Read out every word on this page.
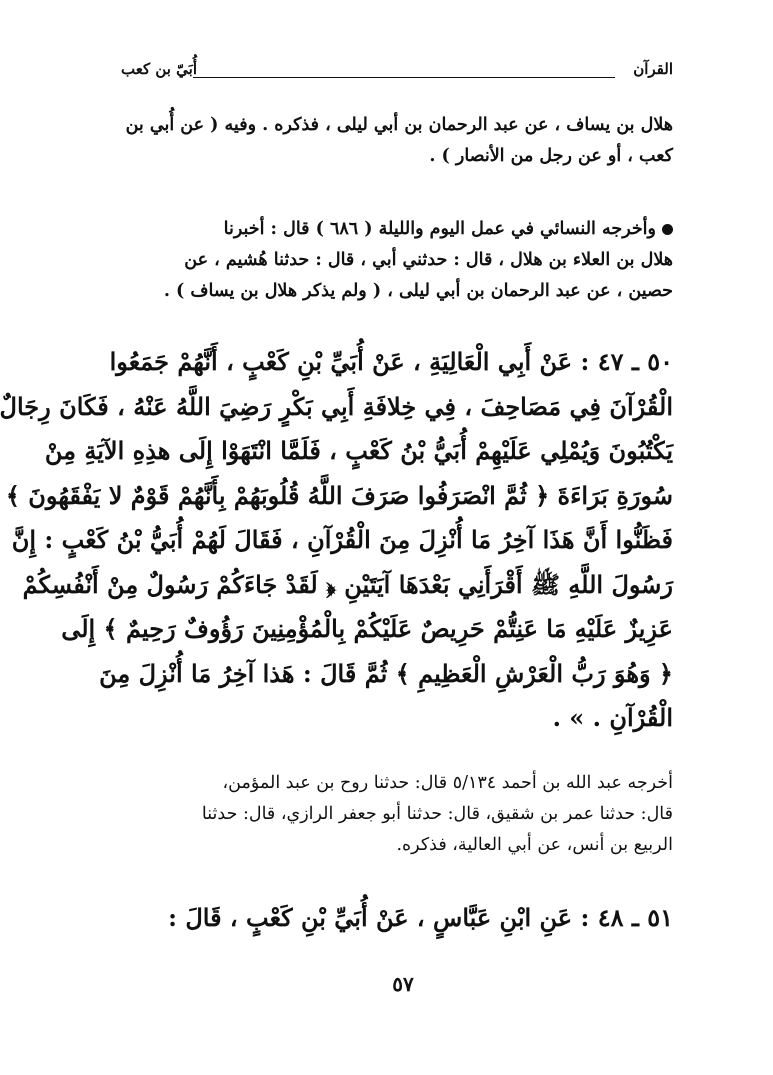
القرآن
أُبَيّ بن كعب
هلال بن يساف ، عن عبد الرحمان بن أبي ليلى ، فذكره . وفيه ( عن أُبي بن
كعب ، أو عن رجل من الأنصار ) .
وأخرجه النسائي في عمل اليوم والليلة ( ٦٨٦ ) قال : أخبرنا
هلال بن العلاء بن هلال ، قال : حدثني أبي ، قال : حدثنا هُشيم ، عن
حصين ، عن عبد الرحمان بن أبي ليلى ، ( ولم يذكر هلال بن يساف ) .
٥٠ ـ ٤٧ : عَنْ أَبِي الْعَالِيَةِ ، عَنْ أُبَيِّ بْنِ كَعْبٍ ، أَنَّهُمْ جَمَعُوا
الْقُرْآنَ فِي مَصَاحِفَ ، فِي خِلافَةِ أَبِي بَكْرٍ رَضِيَ اللَّهُ عَنْهُ ، فَكَانَ رِجَالٌ
يَكْتُبُونَ وَيُمْلِي عَلَيْهِمْ أُبَيُّ بْنُ كَعْبٍ ، فَلَمَّا انْتَهَوْا إِلَى هذِهِ الآيَةِ مِنْ
سُورَةِ بَرَاءَةَ ﴿ ثُمَّ انْصَرَفُوا صَرَفَ اللَّهُ قُلُوبَهُمْ بِأَنَّهُمْ قَوْمٌ لا يَفْقَهُونَ ﴾
فَظَنُّوا أَنَّ هَذَا آخِرُ مَا أُنْزِلَ مِنَ الْقُرْآنِ ، فَقَالَ لَهُمْ أُبَيُّ بْنُ كَعْبٍ : إِنَّ
رَسُولَ اللَّهِ ﷺ أَقْرَأَنِي بَعْدَهَا آيَتَيْنِ ﴿ لَقَدْ جَاءَكُمْ رَسُولٌ مِنْ أَنْفُسِكُمْ
عَزِيزٌ عَلَيْهِ مَا عَنِتُّمْ حَرِيصٌ عَلَيْكُمْ بِالْمُؤْمِنِينَ رَؤُوفٌ رَحِيمٌ ﴾ إِلَى
﴿ وَهُوَ رَبُّ الْعَرْشِ الْعَظِيمِ ﴾ ثُمَّ قَالَ : هَذا آخِرُ مَا أُنْزِلَ مِنَ
الْقُرْآنِ . » .
أخرجه عبد الله بن أحمد ٥/١٣٤ قال: حدثنا روح بن عبد المؤمن،
قال: حدثنا عمر بن شقيق، قال: حدثنا أبو جعفر الرازي، قال: حدثنا
الربيع بن أنس، عن أبي العالية، فذكره.
٥١ ـ ٤٨ : عَنِ ابْنِ عَبَّاسٍ ، عَنْ أُبَيِّ بْنِ كَعْبٍ ، قَالَ :
٥٧
